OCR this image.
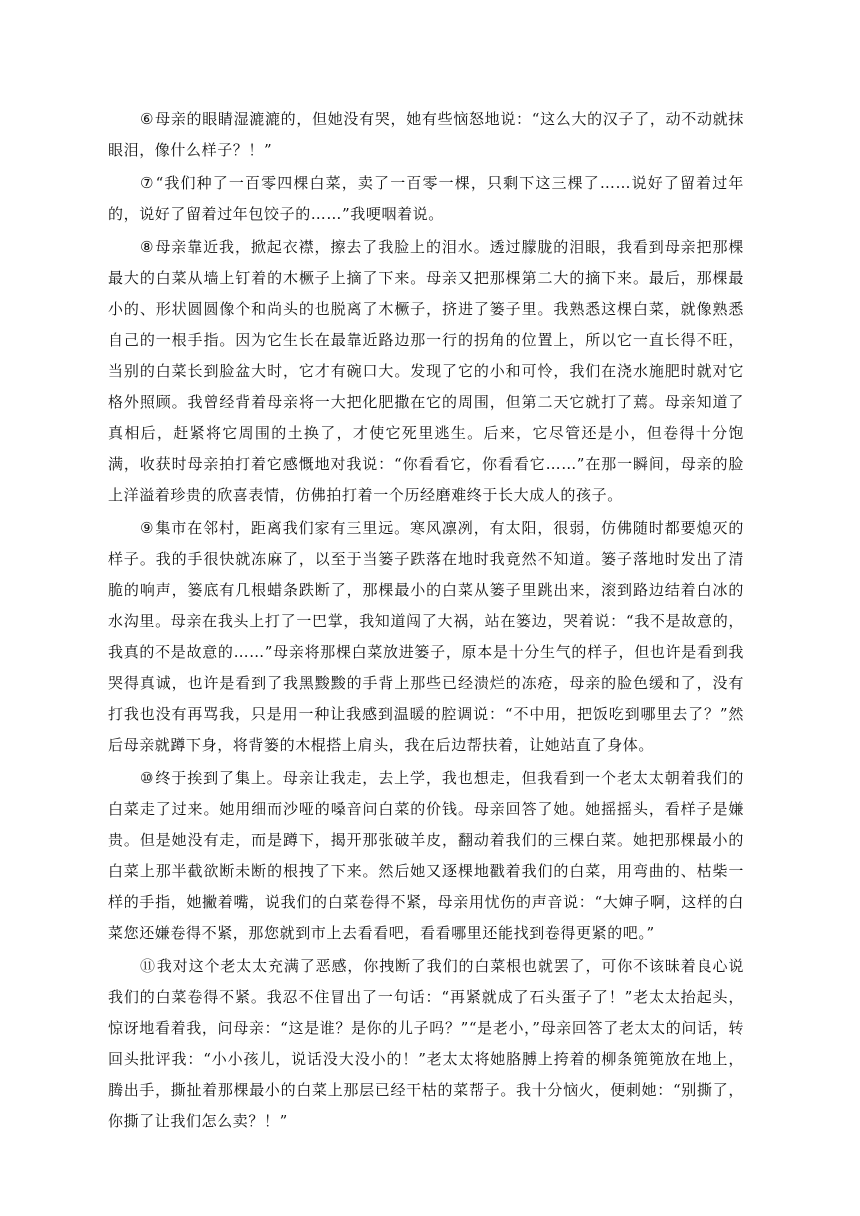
⑥母亲的眼睛湿漉漉的，但她没有哭，她有些恼怒地说：“这么大的汉子了，动不动就抹眼泪，像什么样子？！”

⑦“我们种了一百零四棵白菜，卖了一百零一棵，只剩下这三棵了……说好了留着过年的，说好了留着过年包饺子的……”我哽咽着说。

⑧母亲靠近我，掀起衣襟，擦去了我脸上的泪水。透过朦胧的泪眼，我看到母亲把那棵最大的白菜从墙上钉着的木橛子上摘了下来。母亲又把那棵第二大的摘下来。最后，那棵最小的、形状圆圆像个和尚头的也脱离了木橛子，挤进了篓子里。我熟悉这棵白菜，就像熟悉自己的一根手指。因为它生长在最靠近路边那一行的拐角的位置上，所以它一直长得不旺，当别的白菜长到脸盆大时，它才有碗口大。发现了它的小和可怜，我们在浇水施肥时就对它格外照顾。我曾经背着母亲将一大把化肥撒在它的周围，但第二天它就打了蔫。母亲知道了真相后，赶紧将它周围的土换了，才使它死里逃生。后来，它尽管还是小，但卷得十分饱满，收获时母亲拍打着它感慨地对我说：“你看看它，你看看它……”在那一瞬间，母亲的脸上洋溢着珍贵的欣喜表情，仿佛拍打着一个历经磨难终于长大成人的孩子。

⑨集市在邻村，距离我们家有三里远。寒风凛冽，有太阳，很弱，仿佛随时都要熄灭的样子。我的手很快就冻麻了，以至于当篓子跌落在地时我竟然不知道。篓子落地时发出了清脆的响声，篓底有几根蜡条跌断了，那棵最小的白菜从篓子里跳出来，滚到路边结着白冰的水沟里。母亲在我头上打了一巴掌，我知道闯了大祸，站在篓边，哭着说：“我不是故意的，我真的不是故意的……”母亲将那棵白菜放进篓子，原本是十分生气的样子，但也许是看到我哭得真诚，也许是看到了我黑黢黢的手背上那些已经溃烂的冻疮，母亲的脸色缓和了，没有打我也没有再骂我，只是用一种让我感到温暖的腔调说：“不中用，把饭吃到哪里去了？”然后母亲就蹲下身，将背篓的木棍搭上肩头，我在后边帮扶着，让她站直了身体。

⑩终于挨到了集上。母亲让我走，去上学，我也想走，但我看到一个老太太朝着我们的白菜走了过来。她用细而沙哑的嗓音问白菜的价钱。母亲回答了她。她摇摇头，看样子是嫌贵。但是她没有走，而是蹲下，揭开那张破羊皮，翻动着我们的三棵白菜。她把那棵最小的白菜上那半截欲断未断的根拽了下来。然后她又逐棵地戳着我们的白菜，用弯曲的、枯柴一样的手指，她撇着嘴，说我们的白菜卷得不紧，母亲用忧伤的声音说：“大婶子啊，这样的白菜您还嫌卷得不紧，那您就到市上去看看吧，看看哪里还能找到卷得更紧的吧。”

⑪我对这个老太太充满了恶感，你拽断了我们的白菜根也就罢了，可你不该昧着良心说我们的白菜卷得不紧。我忍不住冒出了一句话：“再紧就成了石头蛋子了！”老太太抬起头，惊讶地看着我，问母亲：“这是谁？是你的儿子吗？”“是老小，”母亲回答了老太太的问话，转回头批评我：“小小孩儿，说话没大没小的！”老太太将她胳膊上挎着的柳条篼篼放在地上，腾出手，撕扯着那棵最小的白菜上那层已经干枯的菜帮子。我十分恼火，便刺她：“别撕了，你撕了让我们怎么卖？！”
